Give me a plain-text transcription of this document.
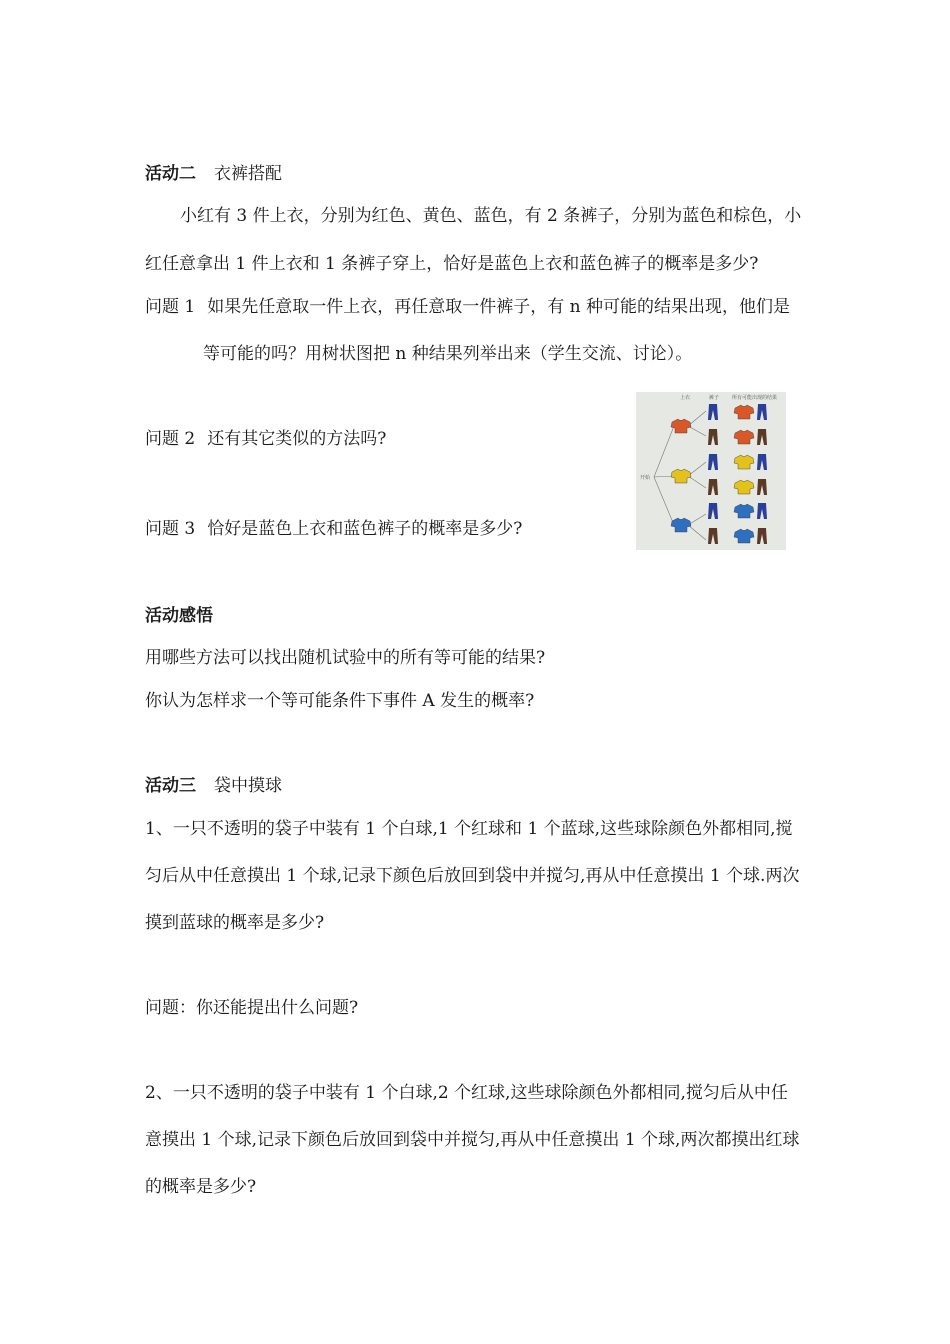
活动二 衣裤搭配
小红有 3 件上衣，分别为红色、黄色、蓝色，有 2 条裤子，分别为蓝色和棕色，小
红任意拿出 1 件上衣和 1 条裤子穿上，恰好是蓝色上衣和蓝色裤子的概率是多少?
问题 1 如果先任意取一件上衣，再任意取一件裤子，有 n 种可能的结果出现，他们是
等可能的吗？用树状图把 n 种结果列举出来（学生交流、讨论）。
问题 2 还有其它类似的方法吗?
问题 3 恰好是蓝色上衣和蓝色裤子的概率是多少?
上衣	裤子	所有可能出现的结果
开始
活动感悟
用哪些方法可以找出随机试验中的所有等可能的结果?
你认为怎样求一个等可能条件下事件 A 发生的概率?
活动三 袋中摸球
1、一只不透明的袋子中装有 1 个白球,1 个红球和 1 个蓝球,这些球除颜色外都相同,搅
匀后从中任意摸出 1 个球,记录下颜色后放回到袋中并搅匀,再从中任意摸出 1 个球.两次
摸到蓝球的概率是多少?
问题：你还能提出什么问题?
2、一只不透明的袋子中装有 1 个白球,2 个红球,这些球除颜色外都相同,搅匀后从中任
意摸出 1 个球,记录下颜色后放回到袋中并搅匀,再从中任意摸出 1 个球,两次都摸出红球
的概率是多少?
